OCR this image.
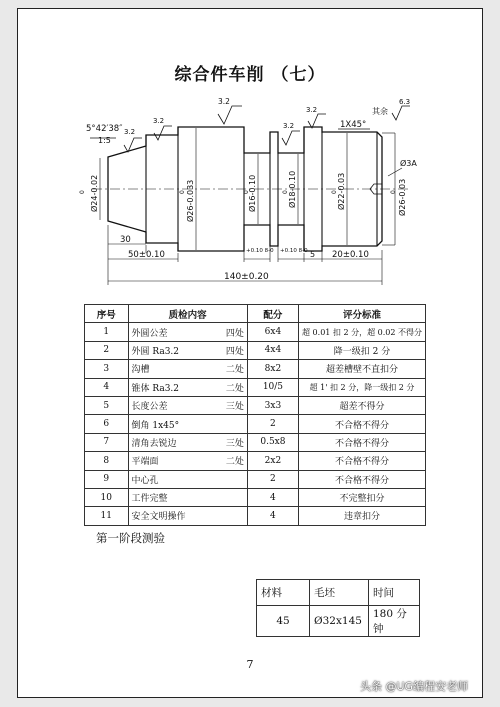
综合件车削 （七）
5°42′38″
1:5
3.2
3.2
3.2
3.2
3.2	其余
6.3
1X45°
Ø24-0.02
0	Ø26-0.033
0	Ø16-0.10
0	Ø18-0.10
0	Ø22-0.03
0	Ø26-0.03
0
Ø3A
30
50±0.10	+0.10 8-0 +0.10 8-0 5 20±0.10
140±0.20
序号	质检内容	配分	评分标准
1	外圆公差 四处	6x4	超 0.01 扣 2 分，超 0.02 不得分
2	外圆 Ra3.2 四处	4x4	降一级扣 2 分
3	沟槽 二处	8x2	超差槽壁不直扣分
4	锥体 Ra3.2 二处	10/5	超 1' 扣 2 分，降一级扣 2 分
5	长度公差 三处	3x3	超差不得分
6	倒角 1x45°	2	不合格不得分
7	清角去锐边 三处	0.5x8	不合格不得分
8	平端面 二处	2x2	不合格不得分
9	中心孔	2	不合格不得分
10	工件完整	4	不完整扣分
11	安全文明操作	4	违章扣分
第一阶段测验
材料	毛坯	时间
45	Ø32x145	180 分钟
7
头条 @UG编程安老师
